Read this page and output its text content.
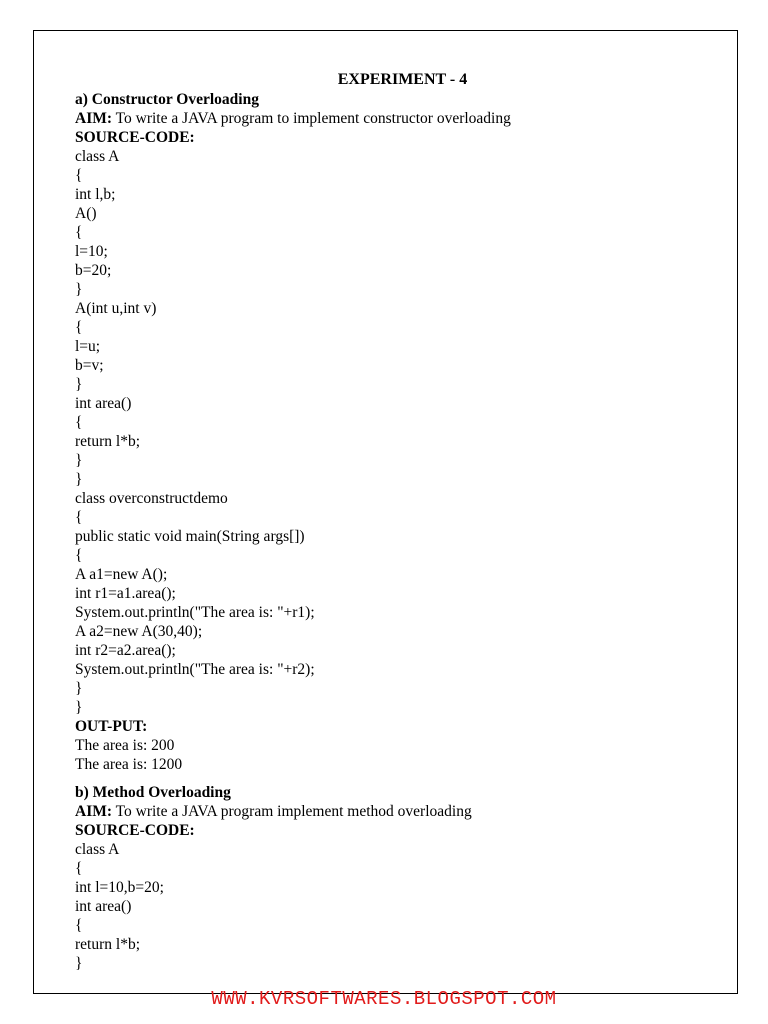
EXPERIMENT - 4
a) Constructor Overloading
AIM: To write a JAVA program to implement constructor overloading
SOURCE-CODE:
class A
{
int l,b;
A()
{
l=10;
b=20;
}
A(int u,int v)
{
l=u;
b=v;
}
int area()
{
return l*b;
}
}
class overconstructdemo
{
public static void main(String args[])
{
A a1=new A();
int r1=a1.area();
System.out.println("The area is: "+r1);
A a2=new A(30,40);
int r2=a2.area();
System.out.println("The area is: "+r2);
}
}
OUT-PUT:
The area is: 200
The area is: 1200
b) Method Overloading
AIM: To write a JAVA program implement method overloading
SOURCE-CODE:
class A
{
int l=10,b=20;
int area()
{
return l*b;
}
WWW.KVRSOFTWARES.BLOGSPOT.COM
